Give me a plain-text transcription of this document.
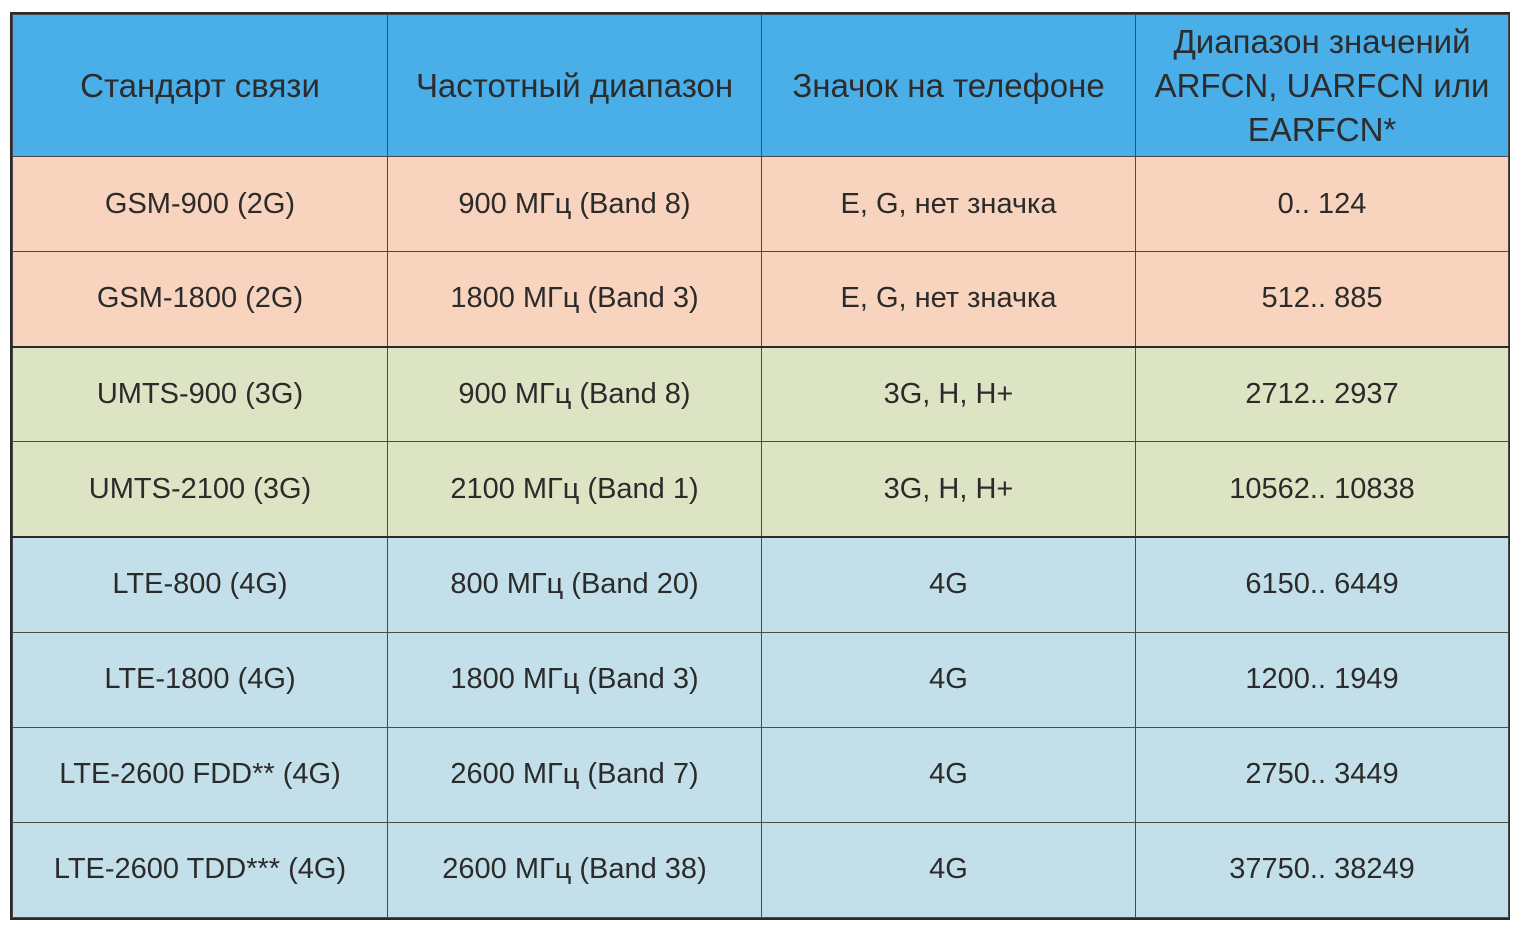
Стандарт связи	Частотный диапазон	Значок на телефоне	Диапазон значений ARFCN, UARFCN или EARFCN*
GSM-900 (2G)	900 МГц (Band 8)	E, G, нет значка	0.. 124
GSM-1800 (2G)	1800 МГц (Band 3)	E, G, нет значка	512.. 885
UMTS-900 (3G)	900 МГц (Band 8)	3G, H, H+	2712.. 2937
UMTS-2100 (3G)	2100 МГц (Band 1)	3G, H, H+	10562.. 10838
LTE-800 (4G)	800 МГц (Band 20)	4G	6150.. 6449
LTE-1800 (4G)	1800 МГц (Band 3)	4G	1200.. 1949
LTE-2600 FDD** (4G)	2600 МГц (Band 7)	4G	2750.. 3449
LTE-2600 TDD*** (4G)	2600 МГц (Band 38)	4G	37750.. 38249
